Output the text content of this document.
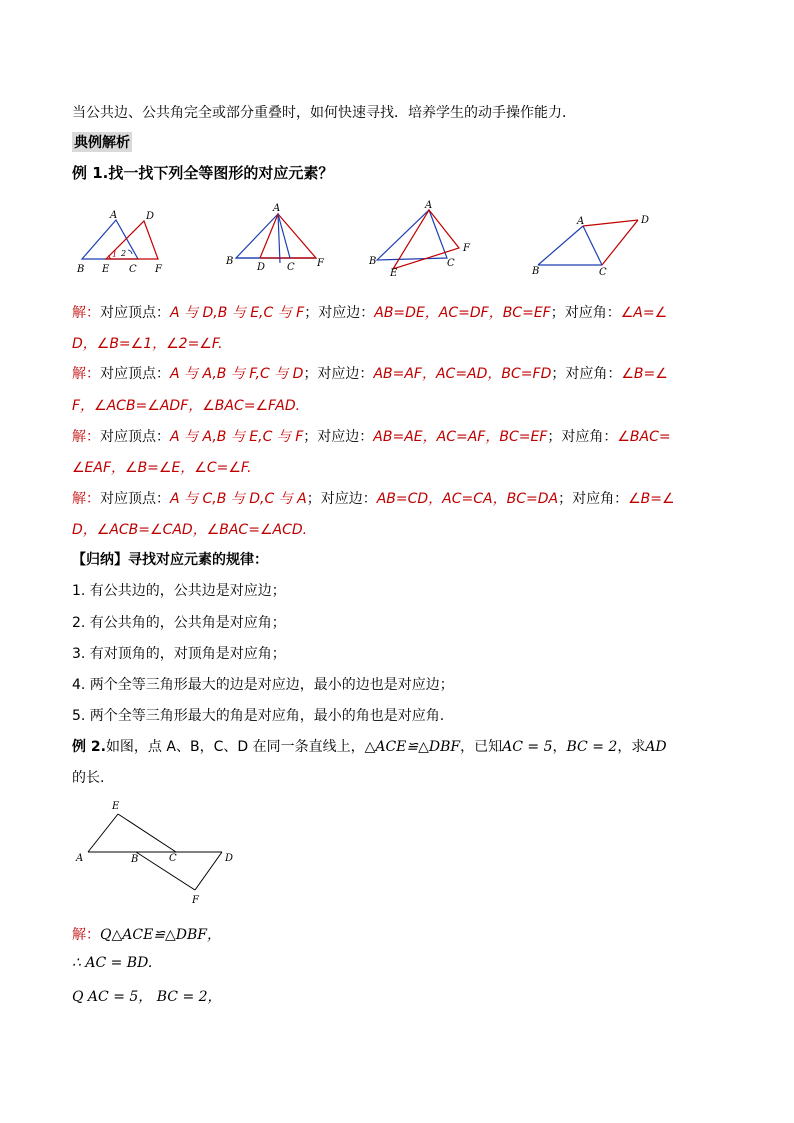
当公共边、公共角完全或部分重叠时，如何快速寻找．培养学生的动手操作能力．
典例解析
例 1.找一找下列全等图形的对应元素？
A	D
B E C F
1 2
A
B
D C F
A
F
B
E
C
A	D
B	C
解：对应顶点：A 与 D,B 与 E,C 与 F；对应边：AB=DE，AC=DF，BC=EF；对应角：∠A=∠
D，∠B=∠1，∠2=∠F.
解：对应顶点：A 与 A,B 与 F,C 与 D；对应边：AB=AF，AC=AD，BC=FD；对应角：∠B=∠
F，∠ACB=∠ADF，∠BAC=∠FAD.
解：对应顶点：A 与 A,B 与 E,C 与 F；对应边：AB=AE，AC=AF，BC=EF；对应角：∠BAC=
∠EAF，∠B=∠E，∠C=∠F.
解：对应顶点：A 与 C,B 与 D,C 与 A；对应边：AB=CD，AC=CA，BC=DA；对应角：∠B=∠
D，∠ACB=∠CAD，∠BAC=∠ACD.
【归纳】寻找对应元素的规律：
1. 有公共边的，公共边是对应边；
2. 有公共角的，公共角是对应角；
3. 有对顶角的，对顶角是对应角；
4. 两个全等三角形最大的边是对应边，最小的边也是对应边；
5. 两个全等三角形最大的角是对应角，最小的角也是对应角.
例 2.如图，点 A、B，C、D 在同一条直线上，△ACE≌△DBF，已知AC = 5，BC = 2，求AD
的长.
E
A	B	C	D
F
解：Q△ACE≌△DBF，
∴ AC = BD.
Q AC = 5， BC = 2，
